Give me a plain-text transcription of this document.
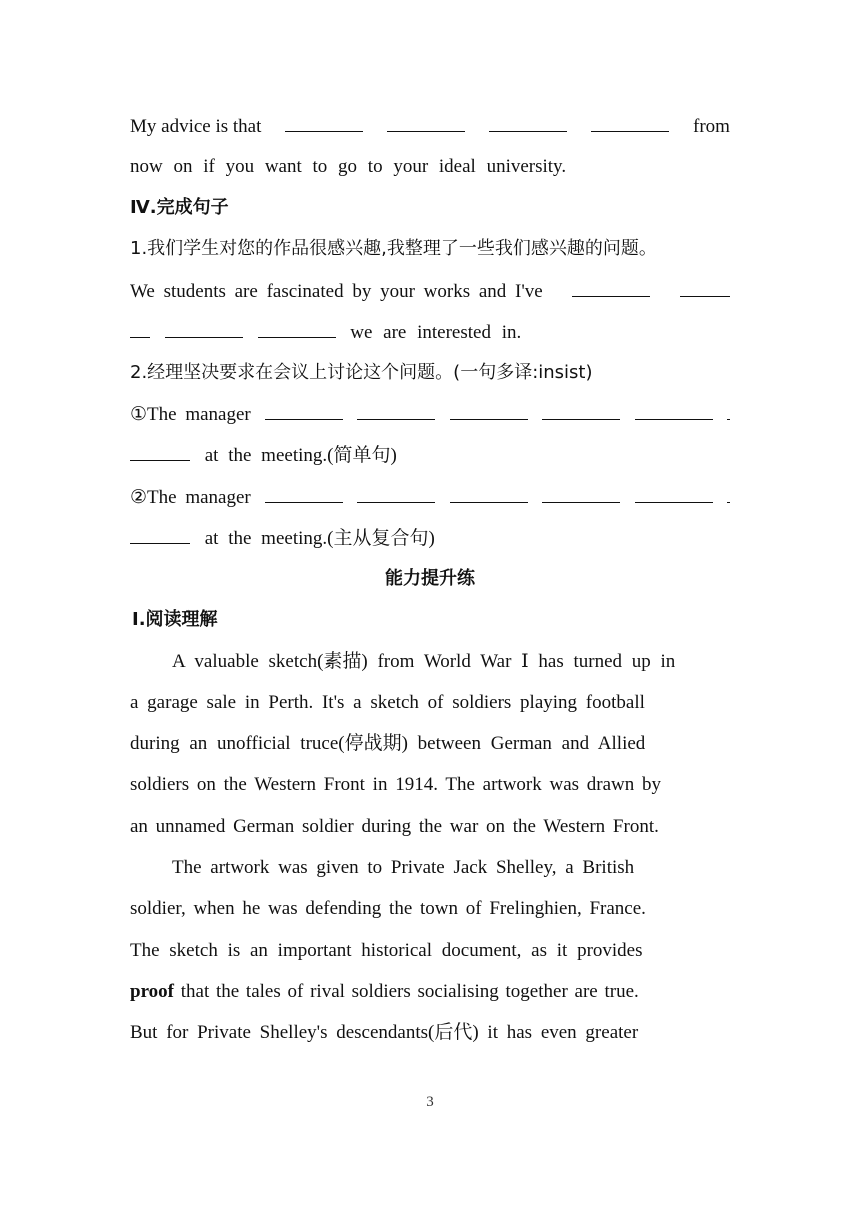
My advice is that	from
now on if you want to go to your ideal university.
Ⅳ.完成句子
1.我们学生对您的作品很感兴趣,我整理了一些我们感兴趣的问题。
We students are fascinated by your works and I've
we are interested in.
2.经理坚决要求在会议上讨论这个问题。(一句多译:insist)
①The manager
at the meeting.(简单句)
②The manager
at the meeting.(主从复合句)
能力提升练
Ⅰ.阅读理解
A valuable sketch(素描) from World War Ⅰ has turned up in
a garage sale in Perth. It's a sketch of soldiers playing football
during an unofficial truce(停战期) between German and Allied
soldiers on the Western Front in 1914. The artwork was drawn by
an unnamed German soldier during the war on the Western Front.
The artwork was given to Private Jack Shelley, a British
soldier, when he was defending the town of Frelinghien, France.
The sketch is an important historical document, as it provides
proof that the tales of rival soldiers socialising together are true.
But for Private Shelley's descendants(后代) it has even greater
3
